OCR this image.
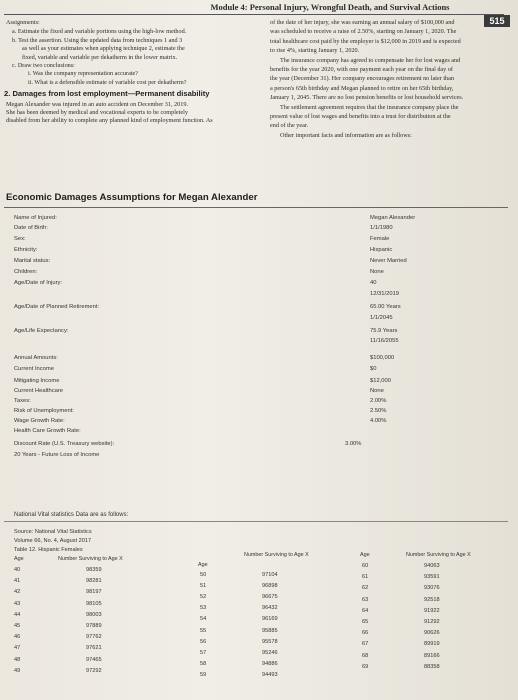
Module 4: Personal Injury, Wrongful Death, and Survival Actions
515

Assignments:

a. Estimate the fixed and variable portions using the high-low method.
b. Test the assertion. Using the updated data from techniques 1 and 3
as well as your estimates when applying technique 2, estimate the
fixed, variable and variable per dekatherm in the lower matrix.
c. Draw two conclusions:
i. Was the company representation accurate?
ii. What is a defensible estimate of variable cost per dekatherm?
2. Damages from lost employment—Permanent disability

Megan Alexander was injured in an auto accident on December 31, 2019.

She has been deemed by medical and vocational experts to be completely

disabled from her ability to complete any planned kind of employment function. As

of the date of her injury, she was earning an annual salary of $100,000 and

was scheduled to receive a raise of 2.50%, starting on January 1, 2020. The

total healthcare cost paid by the employer is $12,000 in 2019 and is expected

to rise 4%, starting January 1, 2020.

The insurance company has agreed to compensate her for lost wages and

benefits for the year 2020, with one payment each year on the final day of

the year (December 31). Her company encourages retirement no later than

a person's 65th birthday and Megan planned to retire on her 65th birthday,

January 1, 2045. There are no lost pension benefits or lost household services.

The settlement agreement requires that the insurance company place the

present value of lost wages and benefits into a trust for distribution at the

end of the year.

Other important facts and information are as follows:

Economic Damages Assumptions for Megan Alexander
Name of Injured:	Megan Alexander
Date of Birth:	1/1/1980
Sex:	Female
Ethnicity:	Hispanic
Marital status:	Never Married
Children:	None
Age/Date of Injury:	40
12/31/2019
Age/Date of Planned Retirement:	65.00 Years
1/1/2045
Age/Life Expectancy:	75.9 Years
11/16/2055
Annual Amounts:	$100,000
Current Income	$0
Mitigating Income	$12,000
Current Healthcare	None
Taxes:	2.00%
Risk of Unemployment:	2.50%
Wage Growth Rate:	4.00%
Health Care Growth Rate:
Discount Rate (U.S. Treasury website):	3.00%
20 Years - Future Loss of Income
National Vital statistics Data are as follows:
Source: National Vital Statistics
Volume 66, No. 4, August 2017
Table 12. Hispanic Females
Age	Number Surviving to Age X
Age
Number Surviving to Age X	Age	Number Surviving to Age X
40	98359
41	98281
42	98197
43	98105
44	98003
45	97889
46	97762
47	97621
48	97465
49	97292
50	97104
51	96898
52	96675
53	96432
54	96169
55	95885
56	95578
57	95246
58	94886
59	94493
60	94063
61	93591
62	93076
63	92518
64	91922
65	91292
66	90626
67	89919
68	89166
69	88358
